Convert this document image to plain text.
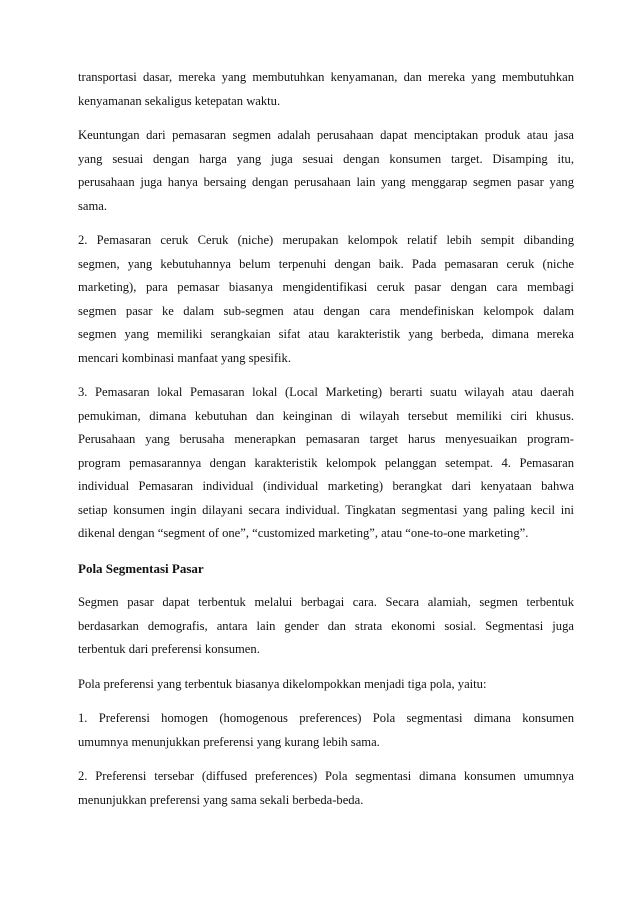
transportasi dasar, mereka yang membutuhkan kenyamanan, dan mereka yang membutuhkan
kenyamanan sekaligus ketepatan waktu.
Keuntungan dari pemasaran segmen adalah perusahaan dapat menciptakan produk atau jasa
yang sesuai dengan harga yang juga sesuai dengan konsumen target. Disamping itu,
perusahaan juga hanya bersaing dengan perusahaan lain yang menggarap segmen pasar yang
sama.
2. Pemasaran ceruk Ceruk (niche) merupakan kelompok relatif lebih sempit dibanding
segmen, yang kebutuhannya belum terpenuhi dengan baik. Pada pemasaran ceruk (niche
marketing), para pemasar biasanya mengidentifikasi ceruk pasar dengan cara membagi
segmen pasar ke dalam sub-segmen atau dengan cara mendefiniskan kelompok dalam
segmen yang memiliki serangkaian sifat atau karakteristik yang berbeda, dimana mereka
mencari kombinasi manfaat yang spesifik.
3. Pemasaran lokal Pemasaran lokal (Local Marketing) berarti suatu wilayah atau daerah
pemukiman, dimana kebutuhan dan keinginan di wilayah tersebut memiliki ciri khusus.
Perusahaan yang berusaha menerapkan pemasaran target harus menyesuaikan program-
program pemasarannya dengan karakteristik kelompok pelanggan setempat. 4. Pemasaran
individual Pemasaran individual (individual marketing) berangkat dari kenyataan bahwa
setiap konsumen ingin dilayani secara individual. Tingkatan segmentasi yang paling kecil ini
dikenal dengan “segment of one”, “customized marketing”, atau “one-to-one marketing”.
Pola Segmentasi Pasar
Segmen pasar dapat terbentuk melalui berbagai cara. Secara alamiah, segmen terbentuk
berdasarkan demografis, antara lain gender dan strata ekonomi sosial. Segmentasi juga
terbentuk dari preferensi konsumen.
Pola preferensi yang terbentuk biasanya dikelompokkan menjadi tiga pola, yaitu:
1. Preferensi homogen (homogenous preferences) Pola segmentasi dimana konsumen
umumnya menunjukkan preferensi yang kurang lebih sama.
2. Preferensi tersebar (diffused preferences) Pola segmentasi dimana konsumen umumnya
menunjukkan preferensi yang sama sekali berbeda-beda.
